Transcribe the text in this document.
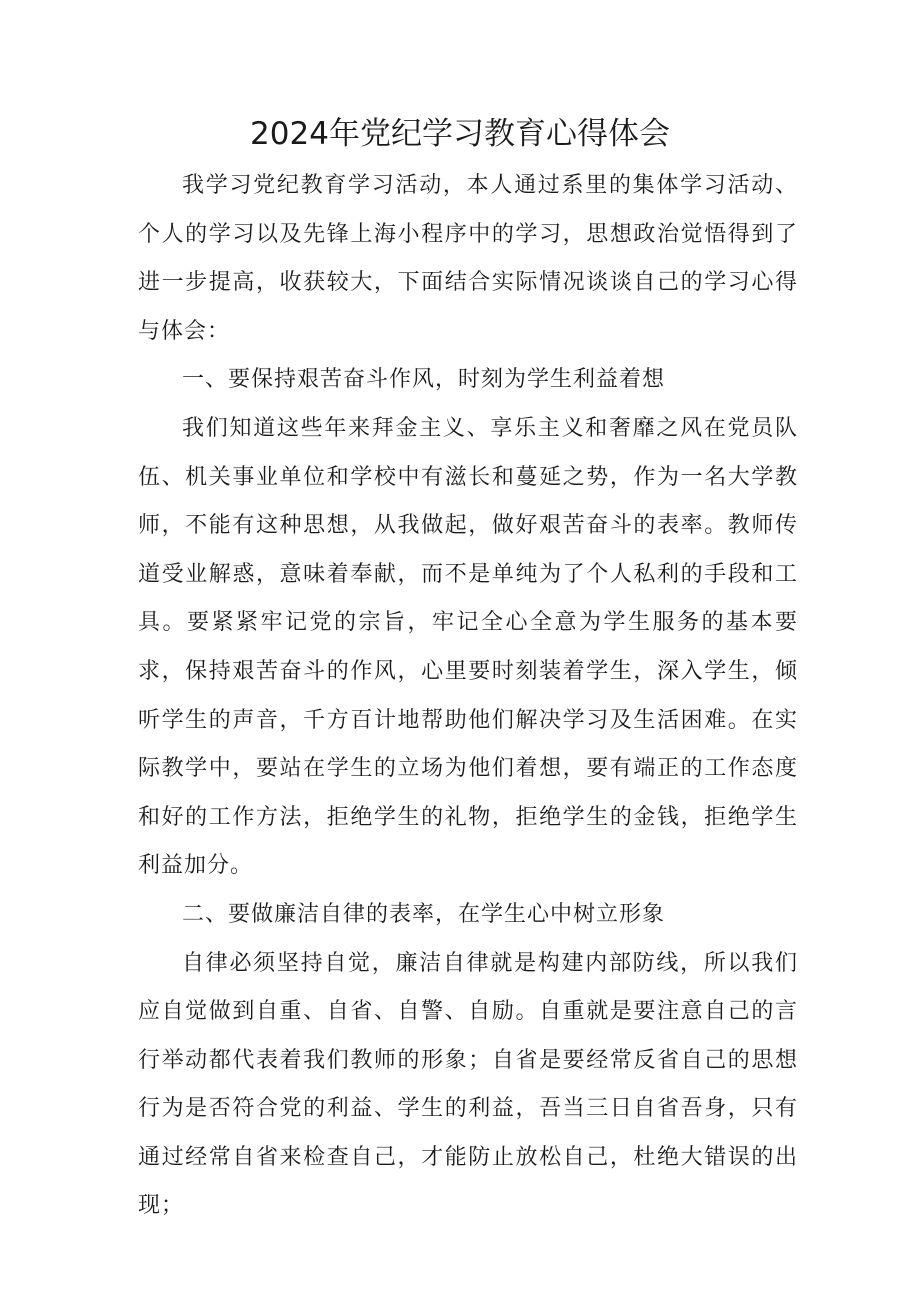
2024年党纪学习教育心得体会

我学习党纪教育学习活动，本人通过系里的集体学习活动、个人的学习以及先锋上海小程序中的学习，思想政治觉悟得到了进一步提高，收获较大，下面结合实际情况谈谈自己的学习心得与体会：

一、要保持艰苦奋斗作风，时刻为学生利益着想

我们知道这些年来拜金主义、享乐主义和奢靡之风在党员队伍、机关事业单位和学校中有滋长和蔓延之势，作为一名大学教师，不能有这种思想，从我做起，做好艰苦奋斗的表率。教师传道受业解惑，意味着奉献，而不是单纯为了个人私利的手段和工具。要紧紧牢记党的宗旨，牢记全心全意为学生服务的基本要求，保持艰苦奋斗的作风，心里要时刻装着学生，深入学生，倾听学生的声音，千方百计地帮助他们解决学习及生活困难。在实际教学中，要站在学生的立场为他们着想，要有端正的工作态度和好的工作方法，拒绝学生的礼物，拒绝学生的金钱，拒绝学生利益加分。

二、要做廉洁自律的表率，在学生心中树立形象

自律必须坚持自觉，廉洁自律就是构建内部防线，所以我们应自觉做到自重、自省、自警、自励。自重就是要注意自己的言行举动都代表着我们教师的形象；自省是要经常反省自己的思想行为是否符合党的利益、学生的利益，吾当三日自省吾身，只有通过经常自省来检查自己，才能防止放松自己，杜绝大错误的出现；
